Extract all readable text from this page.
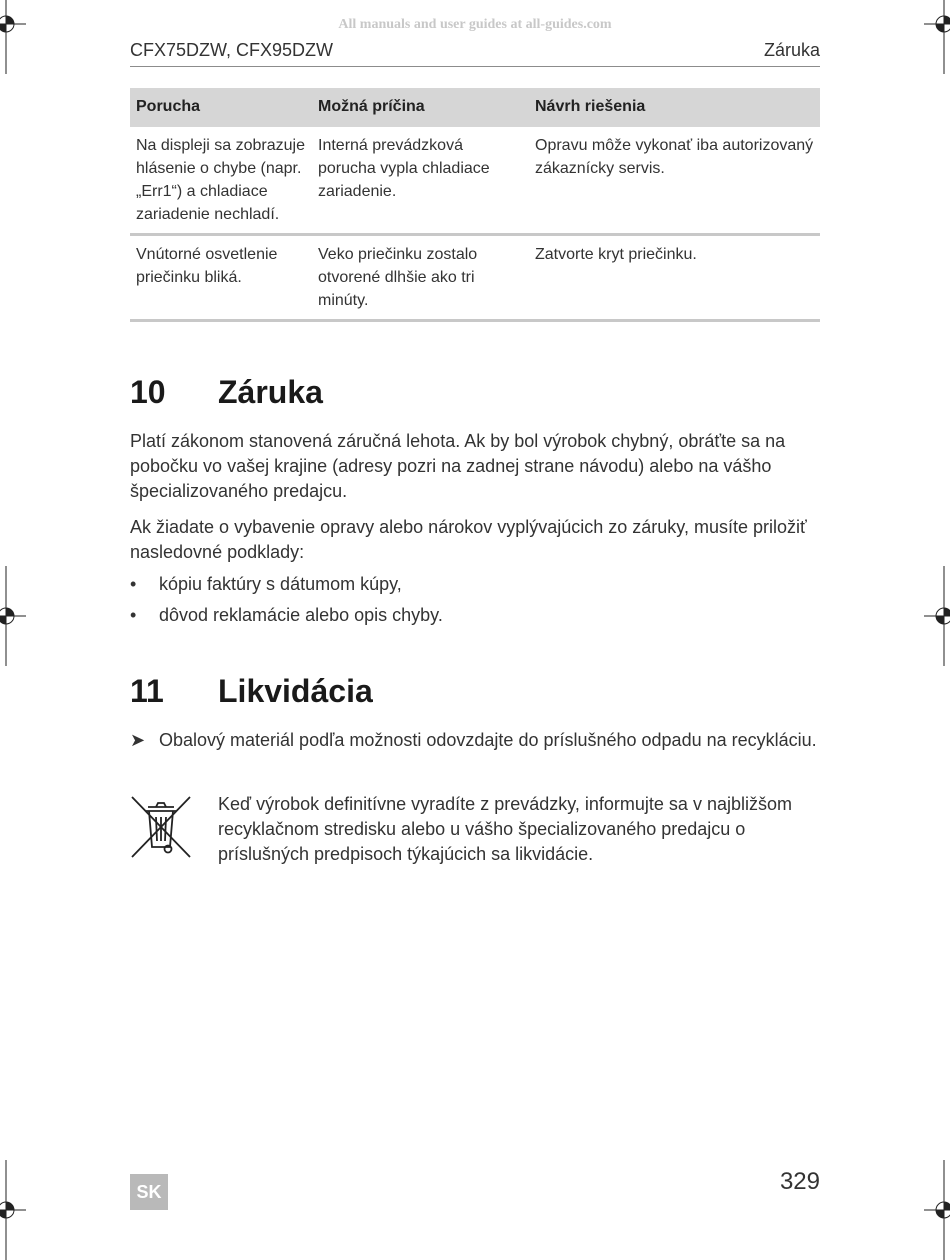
All manuals and user guides at all-guides.com
CFX75DZW, CFX95DZW	Záruka
Porucha	Možná príčina	Návrh riešenia
Na displeji sa zobrazuje hlásenie o chybe (napr. „Err1“) a chladiace zariadenie nechladí.	Interná prevádzková porucha vypla chladiace zariadenie.	Opravu môže vykonať iba autorizovaný zákaznícky servis.
Vnútorné osvetlenie priečinku bliká.	Veko priečinku zostalo otvorené dlhšie ako tri minúty.	Zatvorte kryt priečinku.
10 Záruka

Platí zákonom stanovená záručná lehota. Ak by bol výrobok chybný, obráťte sa na pobočku vo vašej krajine (adresy pozri na zadnej strane návodu) alebo na vášho špecializovaného predajcu.

Ak žiadate o vybavenie opravy alebo nárokov vyplývajúcich zo záruky, musíte priložiť nasledovné podklady:

• kópiu faktúry s dátumom kúpy,
• dôvod reklamácie alebo opis chyby.
11 Likvidácia
➤ Obalový materiál podľa možnosti odovzdajte do príslušného odpadu na recykláciu.
Keď výrobok definitívne vyradíte z prevádzky, informujte sa v najbližšom recyklačnom stredisku alebo u vášho špecializovaného predajcu o príslušných predpisoch týkajúcich sa likvidácie.
SK	329
